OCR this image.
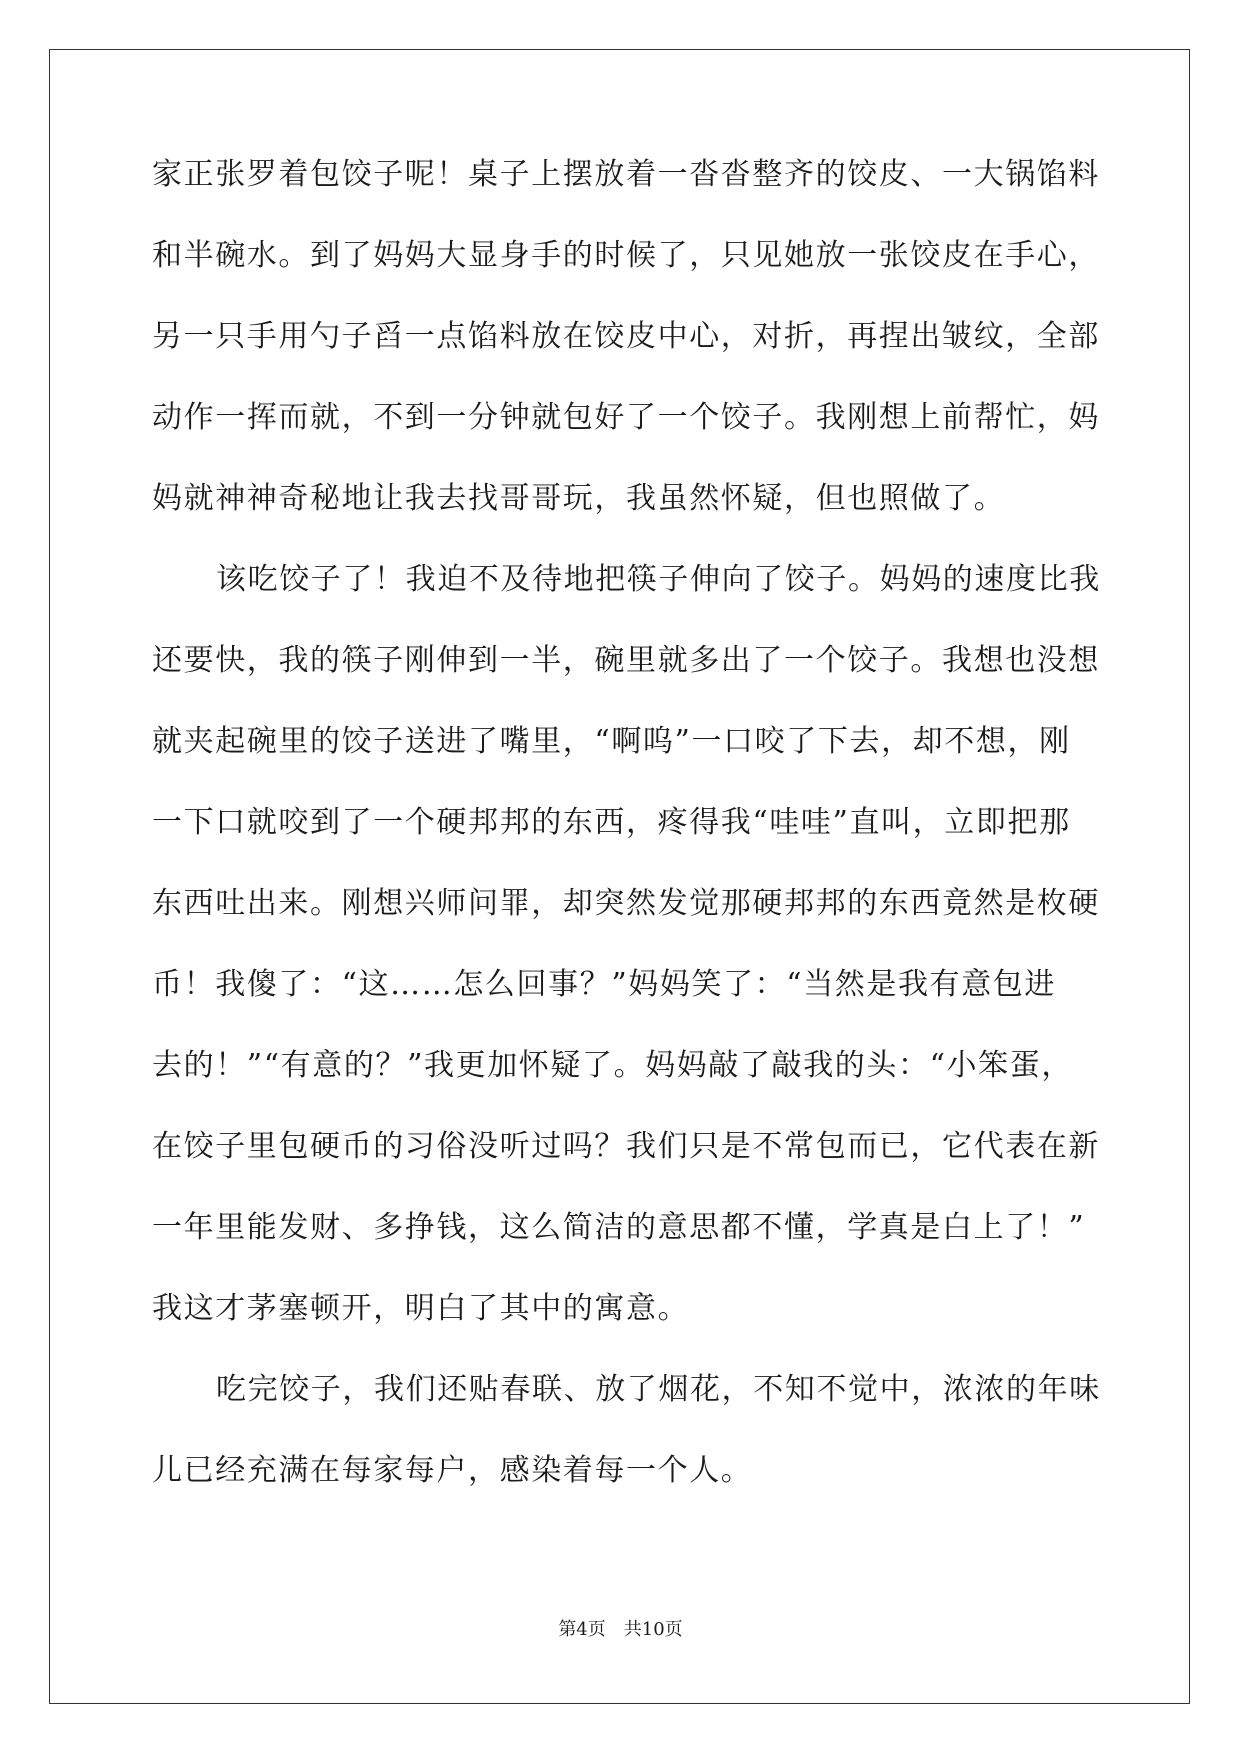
家正张罗着包饺子呢！桌子上摆放着一沓沓整齐的饺皮、一大锅馅料
和半碗水。到了妈妈大显身手的时候了，只见她放一张饺皮在手心，
另一只手用勺子舀一点馅料放在饺皮中心，对折，再捏出皱纹，全部
动作一挥而就，不到一分钟就包好了一个饺子。我刚想上前帮忙，妈
妈就神神奇秘地让我去找哥哥玩，我虽然怀疑，但也照做了。
该吃饺子了！我迫不及待地把筷子伸向了饺子。妈妈的速度比我
还要快，我的筷子刚伸到一半，碗里就多出了一个饺子。我想也没想
就夹起碗里的饺子送进了嘴里，“啊呜”一口咬了下去，却不想，刚
一下口就咬到了一个硬邦邦的东西，疼得我“哇哇”直叫，立即把那
东西吐出来。刚想兴师问罪，却突然发觉那硬邦邦的东西竟然是枚硬
币！我傻了：“这……怎么回事？”妈妈笑了：“当然是我有意包进
去的！”“有意的？”我更加怀疑了。妈妈敲了敲我的头：“小笨蛋，
在饺子里包硬币的习俗没听过吗？我们只是不常包而已，它代表在新
一年里能发财、多挣钱，这么简洁的意思都不懂，学真是白上了！”
我这才茅塞顿开，明白了其中的寓意。
吃完饺子，我们还贴春联、放了烟花，不知不觉中，浓浓的年味
儿已经充满在每家每户，感染着每一个人。
第4页　共10页
